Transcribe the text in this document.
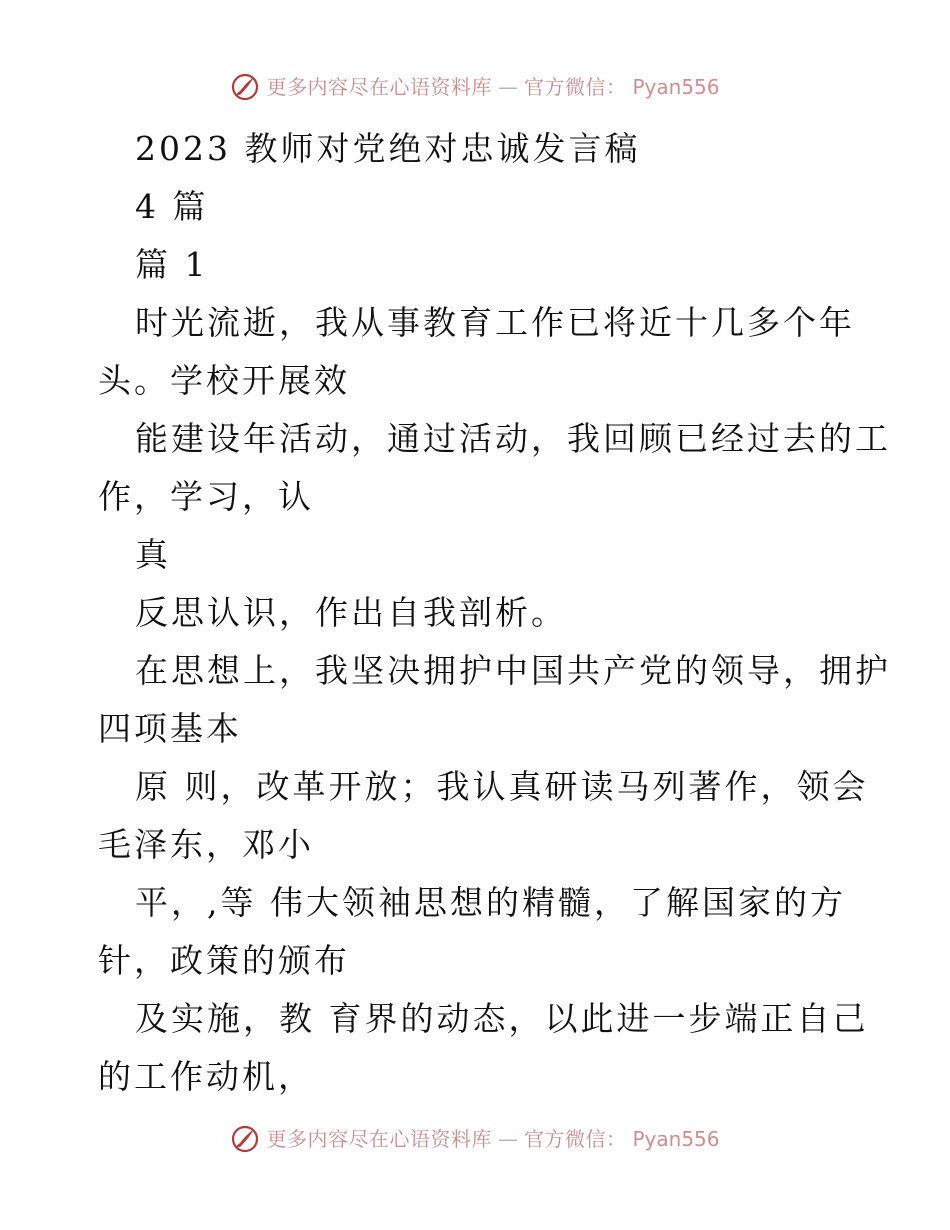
更多内容尽在心语资料库 — 官方微信： Pyan556
2023 教师对党绝对忠诚发言稿
4 篇
篇 1
时光流逝，我从事教育工作已将近十几多个年
头。学校开展效
能建设年活动，通过活动，我回顾已经过去的工
作，学习，认
真
反思认识，作出自我剖析。
在思想上，我坚决拥护中国共产党的领导，拥护
四项基本
原 则，改革开放；我认真研读马列著作，领会
毛泽东，邓小
平，,等 伟大领袖思想的精髓，了解国家的方
针，政策的颁布
及实施，教 育界的动态，以此进一步端正自己
的工作动机，
更多内容尽在心语资料库 — 官方微信： Pyan556
